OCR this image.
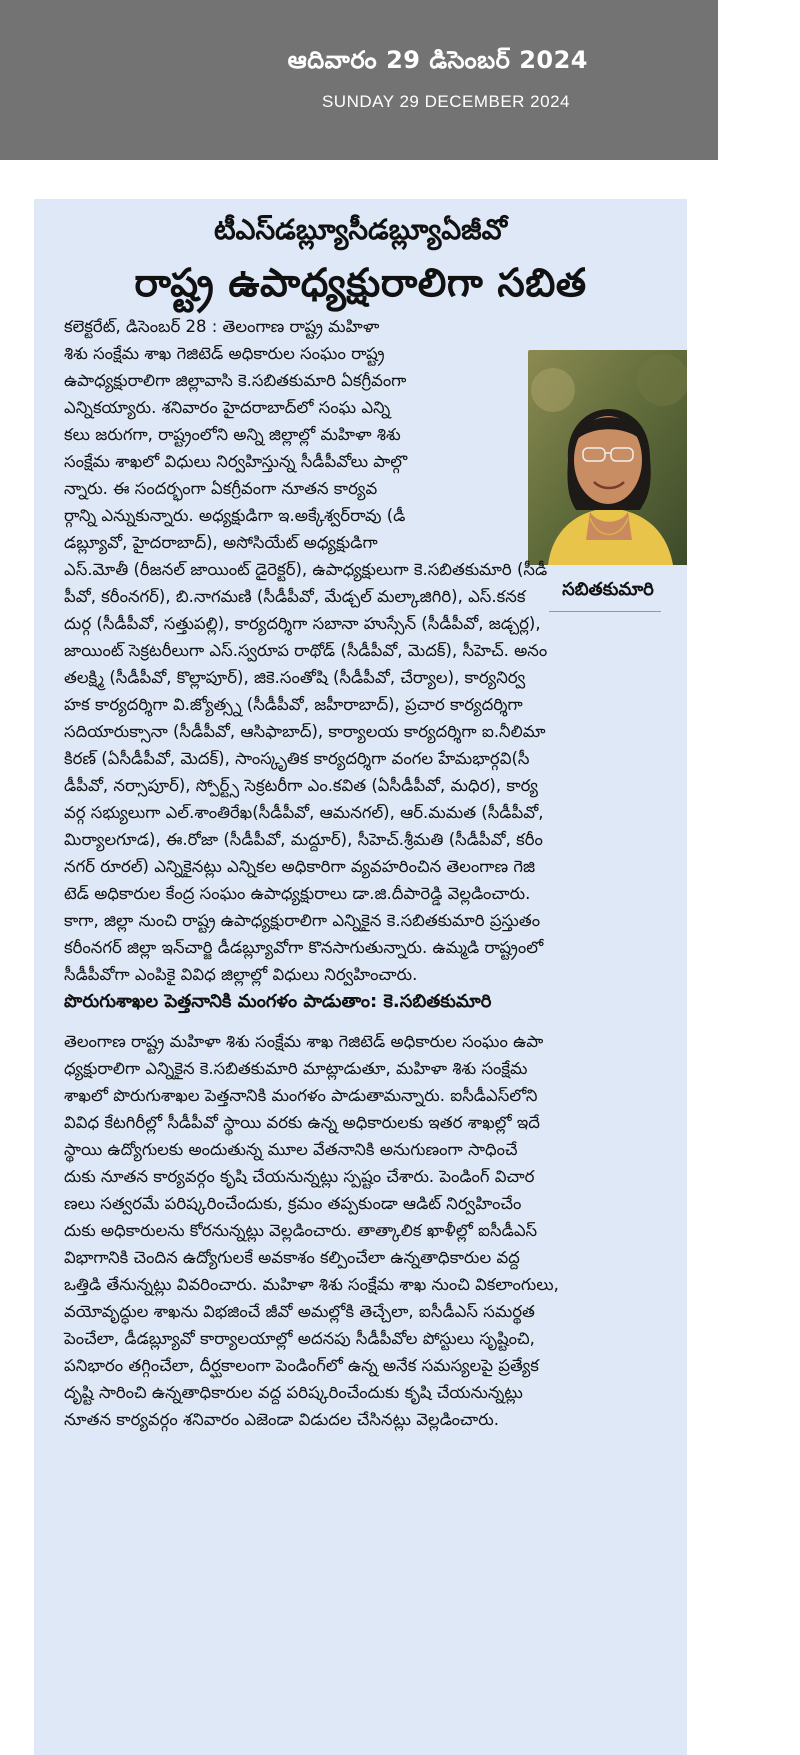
ఆదివారం 29 డిసెంబర్ 2024
SUNDAY 29 DECEMBER 2024
టీఎస్‌డబ్ల్యూసీడబ్ల్యూఏజీవో
రాష్ట్ర ఉపాధ్యక్షురాలిగా సబిత
సబితకుమారి
కలెక్టరేట్, డిసెంబర్ 28 : తెలంగాణ రాష్ట్ర మహిళా
శిశు సంక్షేమ శాఖ గెజిటెడ్ అధికారుల సంఘం రాష్ట్ర
ఉపాధ్యక్షురాలిగా జిల్లావాసి కె.సబితకుమారి ఏకగ్రీవంగా
ఎన్నికయ్యారు. శనివారం హైదరాబాద్‌లో సంఘ ఎన్ని
కలు జరుగగా, రాష్ట్రంలోని అన్ని జిల్లాల్లో మహిళా శిశు
సంక్షేమ శాఖలో విధులు నిర్వహిస్తున్న సీడీపీవోలు పాల్గొ
న్నారు. ఈ సందర్భంగా ఏకగ్రీవంగా నూతన కార్యవ
ర్గాన్ని ఎన్నుకున్నారు. అధ్యక్షుడిగా ఇ.అక్కేశ్వర్‌రావు (డీ
డబ్ల్యూవో, హైదరాబాద్), అసోసియేట్ అధ్యక్షుడిగా
ఎస్.మోతీ (రీజనల్ జాయింట్ డైరెక్టర్), ఉపాధ్యక్షులుగా కె.సబితకుమారి (సీడీ
పీవో, కరీంనగర్), బి.నాగమణి (సీడీపీవో, మేడ్చల్ మల్కాజిగిరి), ఎస్.కనక
దుర్గ (సీడీపీవో, సత్తుపల్లి), కార్యదర్శిగా సబానా హుస్సేన్ (సీడీపీవో, జడ్చర్ల),
జాయింట్ సెక్రటరీలుగా ఎస్.స్వరూప రాథోడ్ (సీడీపీవో, మెదక్), సీహెచ్. అనం
తలక్ష్మి (సీడీపీవో, కొల్లాపూర్), జికె.సంతోషి (సీడీపీవో, చేర్యాల), కార్యనిర్వ
హక కార్యదర్శిగా వి.జ్యోత్స్న (సీడీపీవో, జహీరాబాద్), ప్రచార కార్యదర్శిగా
సదియారుక్సానా (సీడీపీవో, ఆసిఫాబాద్), కార్యాలయ కార్యదర్శిగా ఐ.నీలిమా
కిరణ్ (ఏసీడీపీవో, మెదక్), సాంస్కృతిక కార్యదర్శిగా వంగల హేమభార్గవి(సీ
డీపీవో, నర్సాపూర్), స్పోర్ట్స్ సెక్రటరీగా ఎం.కవిత (ఏసీడీపీవో, మధిర), కార్య
వర్గ సభ్యులుగా ఎల్.శాంతిరేఖ(సీడీపీవో, ఆమనగల్), ఆర్.మమత (సీడీపీవో,
మిర్యాలగూడ), ఈ.రోజా (సీడీపీవో, మద్దూర్), సీహెచ్.శ్రీమతి (సీడీపీవో, కరీం
నగర్ రూరల్) ఎన్నికైనట్లు ఎన్నికల అధికారిగా వ్యవహరించిన తెలంగాణ గెజి
టెడ్ అధికారుల కేంద్ర సంఘం ఉపాధ్యక్షురాలు డా.జి.దీపారెడ్డి వెల్లడించారు.
కాగా, జిల్లా నుంచి రాష్ట్ర ఉపాధ్యక్షురాలిగా ఎన్నికైన కె.సబితకుమారి ప్రస్తుతం
కరీంనగర్ జిల్లా ఇన్‌చార్జి డీడబ్ల్యూవోగా కొనసాగుతున్నారు. ఉమ్మడి రాష్ట్రంలో
సీడీపీవోగా ఎంపికై వివిధ జిల్లాల్లో విధులు నిర్వహించారు.
పొరుగుశాఖల పెత్తనానికి మంగళం పాడుతాం: కె.సబితకుమారి
తెలంగాణ రాష్ట్ర మహిళా శిశు సంక్షేమ శాఖ గెజిటెడ్ అధికారుల సంఘం ఉపా
ధ్యక్షురాలిగా ఎన్నికైన కె.సబితకుమారి మాట్లాడుతూ, మహిళా శిశు సంక్షేమ
శాఖలో పొరుగుశాఖల పెత్తనానికి మంగళం పాడుతామన్నారు. ఐసీడీఎస్‌లోని
వివిధ కేటగిరీల్లో సీడీపీవో స్థాయి వరకు ఉన్న అధికారులకు ఇతర శాఖల్లో ఇదే
స్థాయి ఉద్యోగులకు అందుతున్న మూల వేతనానికి అనుగుణంగా సాధించే
దుకు నూతన కార్యవర్గం కృషి చేయనున్నట్లు స్పష్టం చేశారు. పెండింగ్ విచార
ణలు సత్వరమే పరిష్కరించేందుకు, క్రమం తప్పకుండా ఆడిట్ నిర్వహించేం
దుకు అధికారులను కోరనున్నట్లు వెల్లడించారు. తాత్కాలిక ఖాళీల్లో ఐసీడీఎస్
విభాగానికి చెందిన ఉద్యోగులకే అవకాశం కల్పించేలా ఉన్నతాధికారుల వద్ద
ఒత్తిడి తేనున్నట్లు వివరించారు. మహిళా శిశు సంక్షేమ శాఖ నుంచి వికలాంగులు,
వయోవృద్ధుల శాఖను విభజించే జీవో అమల్లోకి తెచ్చేలా, ఐసీడీఎస్ సమర్థత
పెంచేలా, డీడబ్ల్యూవో కార్యాలయాల్లో అదనపు సీడీపీవోల పోస్టులు సృష్టించి,
పనిభారం తగ్గించేలా, దీర్ఘకాలంగా పెండింగ్‌లో ఉన్న అనేక సమస్యలపై ప్రత్యేక
దృష్టి సారించి ఉన్నతాధికారుల వద్ద పరిష్కరించేందుకు కృషి చేయనున్నట్లు
నూతన కార్యవర్గం శనివారం ఎజెండా విడుదల చేసినట్లు వెల్లడించారు.
